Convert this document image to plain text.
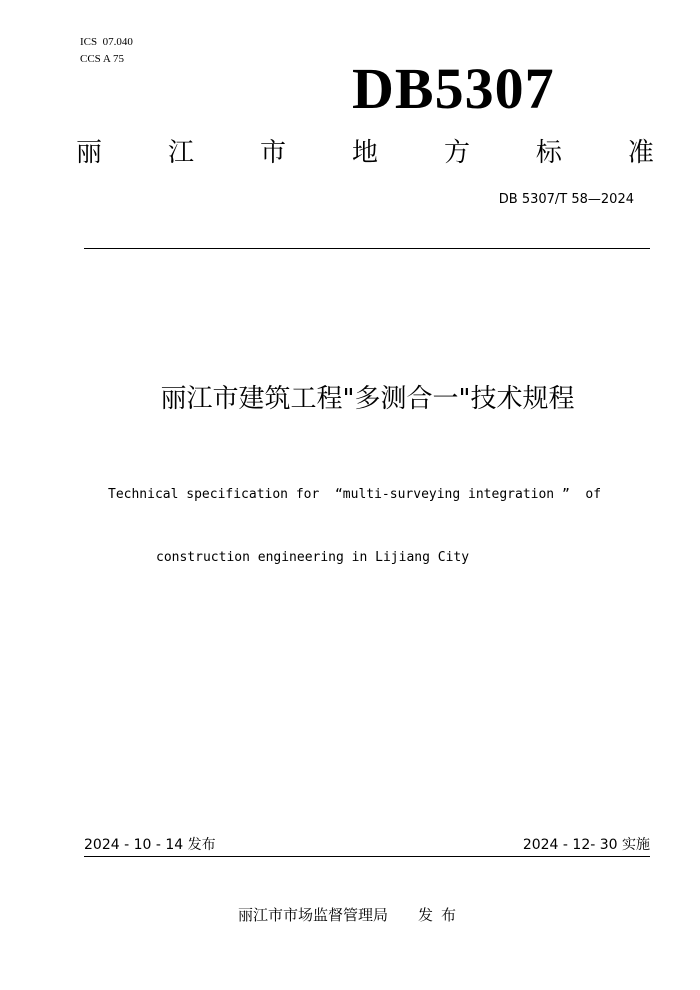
ICS  07.040
CCS A 75	DB5307
丽	江	市	地	方	标	准
DB 5307/T 58—2024
丽江市建筑工程"多测合一"技术规程

Technical specification for  “multi-surveying integration ”  of

construction engineering in Lijiang City

2024 - 10 - 14 发布	2024 - 12- 30 实施
丽江市市场监督管理局 发布
